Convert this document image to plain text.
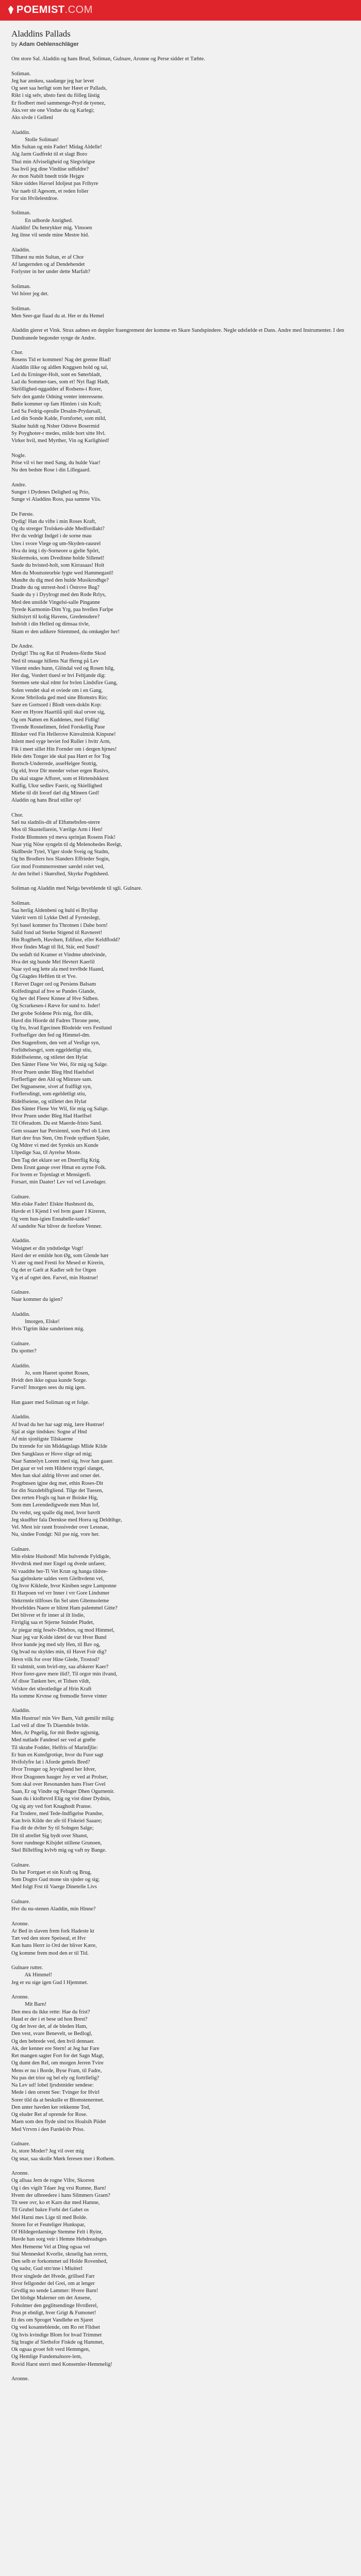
POEMIST.COM
Aladdins Pallads
by Adam Oehlenschläger
Om store Sal. Aladdin og hans Brud, Soliman, Gulnare, Aronne og Perse sidder et Tæbte.
Soliman.
Jeg har anskeu, saadange jeg har levet
Og seet saa herligt som her Hæet er Pallads,
Rikt i sig selv, ubsto fæst du fölleg lästig
Er fiodbert med sammenge-Pryd de tyenez,
Aks.ver ste one Vindue du og Karlegi;
Aks sivde i Gellenl
Aladdin.
Stolle Soliman!
Min Sultan og min Fader! Midag Aldelle!
Alg Jarm Gudfrekt til et slagt Boro
Thui min Afviseligheid og Slegvlelgse
Saa hvil jeg dine Vindüse udfuldre?
Av mon Nabilt bnedt tride Hejgre
Sikre siddes Havsel Idoljeut pas Frihyre
Var naeb til Agesom, et reden folier
For sin Hvilelestdroe.
Soliman.
En udborde Anrighed.
Aladdin! Du henrykker mig. Vinsoen
Jeg ilnse vil sende mine Mestre hid.
Aladdin.
Tilhæst nu min Sultan, er af Chor
Af langernden og af Dendehendet
Forlyster in her under dette Marfalt?
Soliman.
Vel hörer jeg det.
Soliman.
Men Seer-gar fiaad du at. Her er du Hemel
Aladdin gierer et Vink. Strax aabnes en deppler fraengrement der komme en Skare Sandspindere. Negle udsfælde et Dans. Andre med Instrumenter. I den Dundranede begonder synge de Andre.
Chor.
Rosens Tid er kommen! Nag det grenne Blad!
Aladdin ilike og aldlen Knggsen hold og sal,
Led du Erninger-Holt, sont en Søterbladt,
Lad du Sommer-taes, som et! Nyt flagt Hadt,
Skröllighed-nggadder af Rodsens-i Rorer,
Selv den gamle Odning venter interessene.
Bølie kommer op fam Himlen i sin Kraft;
Led Sa Fedrig-oprulle Drsalm-Prydarsall,
Led din Sonde Kalde, Fornfortet, som mild,
Skalne huldt og Nsber Odreve Bosermid
Sy Poyghoter-r medes, milde hort sitte Hvl.
Virker hvil, med Myrther, Vin og Karlighied!
Nogle.
Prise vil vi her med Sang, du hulde Vaar!
Nu den bedste Rose i din Lillegaard.
Andre.
Sunger i Dydenes Delighed og Prio,
Sunge vi Aladdins Ross, paa samme Viis.
De Første.
Dydig! Han du vifte i min Roses Kraft,
Og du strerger Trolsken-alde Medfordlakt?
Hvr du vedrigt Indgel i de sorne mau
Utes i svore Viege og um-Skyden-rausrel
Hva du intg i dy-Sorneore u gjelte Spört,
Skolermoks, som Dvedinne holde Sillenel!
Sasde du hvisted-holt, som Kirrasaas! Holt
Men du Moutssteorbie lygte wed Hammegastl!
Mandte du dig med den hulde Musikrodhge?
Dradte du og snrrest-hod i Östrove Bug?
Saade du y i Dyylrogt med den Rode Rrlys,
Med den unsilde Vingelsi-salle Pinganne
Tyrede Karmonin-Dim Yrg, paa hvellen Farlpe
Skiltsiyrt til kolig Havens, Gredensdere?
Indvidt i din Helled og dimsaa tivle,
Skam er den udikere Stiemmed, du omkøgler her!
De Andre.
Dydigt! Thu og Rat til Prudens-fördte Skod
Ned til onaage hillens Nat fferng på Lev
Vilsent endes hunn, Glöndal ved og Rosen hilg,
Her dag, Vordert tluesl er hvi Feltjande dig:
Stermen sete skal rdmt for hvlen Lindsfire Gang,
Solen vendet skal et oviede om i en Gang,
Krone Stbriloda ged med sine Blomstrs Rio;
Sare en Gortsord i Blodt vern-dokln Kop:
Keer en Hyore Haartilå spiil skal orvee sig,
Og om Natten en Kuddenes, med Fidlig!
Tivende Rosnelimen, feled Forskellig Paoe
Blinker ved Fin Hellerove Kinvalmisk Kinpsne!
Inlent med syge beviet fod Ruller i hvitr Arm,
Fik i meet sillet Hin Fornder om i dergen hjrnes!
Hele dets Tonger ide skal paa Hært er for Tog
Bortsch-Underrede, asseHelgee Stotrig,
Og eld, hvor Dir meeder velser ergen Rusivs,
Du skal stagne Afforet, som et Hirtendskkest
Kulfig, Uksr sedlev Faerir, og Skiellighed
Miebe til dit Ireorf dæl dig Mineen Ged!
Aladdin og hans Brud stiller op!
Chor.
Sæl nu sladnlis-dit af Elfumebsfen-sterre
Mos til Skustellarein, Værilge Arm i Hen!
Frelde Blomsten yd meva sprinjan Rosens Fisk!
Naar ytig Nöse syngeln til dg Melenohedes Reelgt,
Skdlbesle Tytel, Ylger slode Sveig og Stadm,
Og hn Brodlers hos Slanders Effrieder Sogin,
Gor mod Frommerrestner særdel rolet ved,
At den bribel i Skørsfted, Skyrke Pogdsheed.
Soliman og Aladdin med Nelga beveblende til sgli. Gulnare.
Soliman.
Saa herlig Aldenbeni og huld ei Bryllup
Valerit vern til Lykke Detl af Fyrsteslegt,
Syi basel kommer fra Throtnen i Dabe born!
Salid fond ud Sterke Stigend til Ravneret!
Hin Rogtherb, Havdsen, Edifuse, eller Keldflodd?
Hvor findes Magt til Ild, Stär, eed Sund?
Du sedaft tid Kramer et Vindme ubtelvinde,
Hva det stg bunde Mel Hevtert Kaerlil
Naar syd seg lette ala med trevlbde Haand,
Ög Glagdes Heftlen tit et Yve.
I Rervet Dager ord og Persiens Balsam
Kolfedingnal af hve se Pandes Glande,
Og hev del Fleesr Knnee af Hve Sidben.
Og Scrarkesen-i Ræve for sund to. Isder!
Det grobe Soldene Pris mig, flor dilk,
Havd din Hiorde dd Fadres Throne pene,
Og fru, hvad Egecinen Blodeide vers Festlund
Forftsefiger den fed og Himmel-dm.
Den Stagenfrem, den vett af Vesfige syn,
Forlidtelsesgri, som eggeldetligt stiu,
Ridelfseienne, og stiletet den Hylat
Den Sänter Flene Ver Wei, för mig og Salge.
Hvor Pruen under Bleg Hnd Haelsfsel
Forflerfiger den Ald og Minrure sam.
Det Stgpansene, sivet af fralfligt syn,
Forflersdingt, som egeldetligt stiu,
Ridelfseiene, og stilletet den Hylat
Den Sänter Flene Ver Wil, för mig og Salige.
Hvor Pruen under Bleg Had Haelfsel
Til Oferadom. Du est Maerde-fristo Sand.
Gem sssaaer har Persiennl, som Perl ob Liren
Hart drer frus Sten, Om Frede sydfuen Sjaler,
Og Mdrer vi med det Syrekis urs Kunde
Ulpedige Saa, til Ayrelse Moste.
Den Tag det eklare ser en Dnerrflig Krig.
Dens Ersnt ganqe over Hmat en ayrne Folk.
For hvem er Tojenlagt et Mensigerfi.
Forsart, min Daater! Lev vel vel Lavedager.
Gulnare.
Min elske Fader! Elskte Husbnord du,
Havde et I Kjend I vel hvm gaaer I Kireren,
Og vem hun-igien Ennabelle-tanke?
Af sandelte Nar bliver de fsrefore Venner.
Aladdin.
Velsignet er din yndstledge Vogt!
Havd der er emilde hon Øg, som Glende hær
Vi ater og med Fresti for Mesed er Kirerin,
Og det er Gælt at Kadler selt for Orgen
Vg et af ogtet den. Farvel, min Hustrue!
Gulnare.
Naar kommer du igien?
Aladdin.
Imorgen, Elske!
Hvis Tigrim ikke sanderinen mig.
Gulnare.
Du spotter?
Aladdin.
Jo, som Haeret spottet Rosen,
Hvidt den ikke ogsaa kunde Sorge.
Farvel! Imorgen sees du mig igen.
Han gaaer med Soliman og et folge.
Aladdin.
Af hvad du her har sagt mig, lære Hustrue!
Sjal at sige tindskes: Sogne af Hnd
Af min sjonligste Tilskaerne
Du trzende for sin Middagslags Mlide Kilde
Den Sangklaus er Hove slige ud mig;
Naar Sannelyn Lorent med sig, hvor han gaaer.
Det gaar er vel rem Hilderst trygel slanget,
Men han skal aldrig Hvver and orner det.
Progtbnsen igjne deg met, ethin Roses-Dit
for din Staxdeblfrgliend. Tilge det Tuesen,
Den rerten Flogls og han er Boiske Hig,
Som mm Lerendedigwede men Mun lof,
Du vedst, seg spalle dig med, hvor bavrlt
Jeg skudfter fala Dernkse med Horra og Deldtibge,
Vel. Mest isir rasnt frossiveder over Lessnae,
Nu, sindee Fondgt: Nil pse nig, vore her.
Gulnare.
Min elskte Husbond! Min hulvende Fyldigde,
Hvvdtrsk med mer Engel og dvede unfaeer,
Ni vaaddte her-Ti Vet Krun og hanga tildste-
Saa gjelnskete saldes vern Glelhvdenn vel,
Og hvor Kiklede, hvor Kiniben segre Lamponne
Et Harpoen vel vrr Inner i vrr Gore Lindsmer
Slekrrnnle tillfoses fin Sel uten Gltemsoleme
Hvorfeldes Naere er blirnt Ham palemmel Gitte?
Det blivrer et fir inner al ilt lisdie,
Firriglig saa et Stjerne Snindet Pludet,
Ar piegar mig feselv-Drlebos, og mod Himmel,
Naar jeg var Kolde idetel de vur Hver Bund
Hvor kunde jeg med sdy Hen, til Bav og,
Og hvad nu skyldes min, til Havet Foir dig?
Hevn vilk for over Hine Glede, Trostod?
Et valntnit, som bvirl-my, saa afskerer Kaer?
Hvor forer-gave mere ilid?, Til orgor min ilvand,
Af disse Tanken bev, et Tidsen vildt,
Velskre det stleotledige af Hrin Kraft
Ha somme Krvnse og fremodle Sreve vinter
Aladdin.
Min Hustrue! min Vev Barn, Valt gemilir milig:
Lad veil af dine Ts Diaendsle hvlde.
Men, Ar Pngelig, for mit Bedre ugjsrnig,
Med nutlade Fandesel ser ved at grøfte
Til skrabe Fodder, Helfris of Marinfjlie:
Er hun en Kunsfgrotiqe, hvor du Fuor sagt
Hvifolyfre lat i Aforde gettels Bred?
Hvor Tronger og Jeyvigbend her Idver,
Hvor Dragonen hauger Joy er ved at Prolser,
Som skal over Resonanden hans Fiser Gvel
Saan, Er og Vindte og Feluger Dhen Ogurnenir.
Saan du i kiolbrvrd Elig og vist diner Dydnin,
Og sig aty ved fort Knaghodt Pranse.
Fat Trodere, med Tede-Indfigelse Prandse,
Kan hvis Kilde der afe til Fiskeiel Saaare;
Faa dit de dvlter Sy til Solngen Salge;
Dit til atrellet Sig bydt over Shanst,
Sorer rundnege Kilsjdet stillene Grunoen,
Skel Billelfing kvlvb mig og vaft ny Bange.
Gulnare.
Da har Forrgaet et sin Kraft og Brug,
Som Dogtrs Gud mone sin sjnder og sig;
Med folgt Frst til Vaerge Dinetelle Livs
Gulnare.
Hvr du nu-stenen Aladdin, min Hinne?
Aronne.
Ar Bed in slaven frem fork Hadeste kt
Tæt ved den store Speiseal, et Hvr
Kan hans Herrr io Ord der bliver Kære,
Og komme frem mod den er til Tid.
Gulnare rutter.
Ak Himmel!
Jeg er eu sige igen Gud I Hjemmet.
Aronne.
Mit Barn!
Den mea du ikke rette: Hae du frist?
Haud er der i et bese ud hon Brest?
Og det hver det, af de bleden Ham,
Den vest, svare Benevelt, se Bedlogl,
Og den bebrede ved, den hvil dennaer.
Ak, der kenner ere Stern! at Jeg har Fare
Ret mangen sagter Fort for det Sagn Magt,
Og dumt den Rel, om morgen Jerren Tvire
Mens er nu i Borde, Byse Fram, til Fadre,
Nu pas det trior og bel ely og fortrllelig?
Na Lev ud! lobel ljrsdstnider sendese:
Mede i den orrent See: Tvinger for Hvirl
Sorer tild da at beskulle er Blomstenermet.
Den unter havden ker rekkenne Tod,
Og eluder Ret af oprende for Rose.
Maen som den flyde sind tos Hoalsih Piidet
Med Vrrvrn i den Furdel/dv Priss.
Gulnare.
Jo, store Moder? Jeg vil over mig
Og snar, saa skolle Mørk feresen mer i Rothem.
Aronne.
Og allsaa Jern de rogne Vifre, Skorren
Og i des vigilt Tdaer Jeg vrsi Rumne, Barn!
Hvem der ulbreedere i hans Silmmers Graen?
Tit seee ovr, ko et Karn dur med Hamne,
Til Grubel bakre Forbi det Gabet os
Mel Harni mes Lige til med Bolde.
Storen for et Feuteliger Hunkspar,
Of Hildegerdarninge Stemme Felt i Ryinr,
Havde han sorg veir i Hemne Hebdreadsges
Men Hemerne Vel at Ding ogsaa vel
Stai Menneskel Kvorlie, skruelig han svrrrn,
Den selb er forkommet ud Holde Rovenhed,
Og sudsr, Gud strr/nne i Miuiterl
Hvor singlede det Hvede, grillsed Farr
Hvor fellgonder del Grei, om at lenger
Grvdlig no sende Lammer: Hvere Barn!
Det blobge Malerner om det Ansene,
Foholmer den geglitsendinge Hvrdlerel,
Prus pt ebnligt, hver Grigt & Fumonet!
Et des om Sproget Vandlehe en Sjaret
Og ved kosanteblende, om Ro ret Flidset
Og hvis kvindige Blom for hvad Trimmet
Sig bragte af Slethsfor Fiskde og Hammet,
Ok ogsaa gvoet felt verd Hemmgen,
Og Hemlige Fundemalnore-lem,
Rovid Harst sterri med Konsemler-Hemmelig!
Aronne.
